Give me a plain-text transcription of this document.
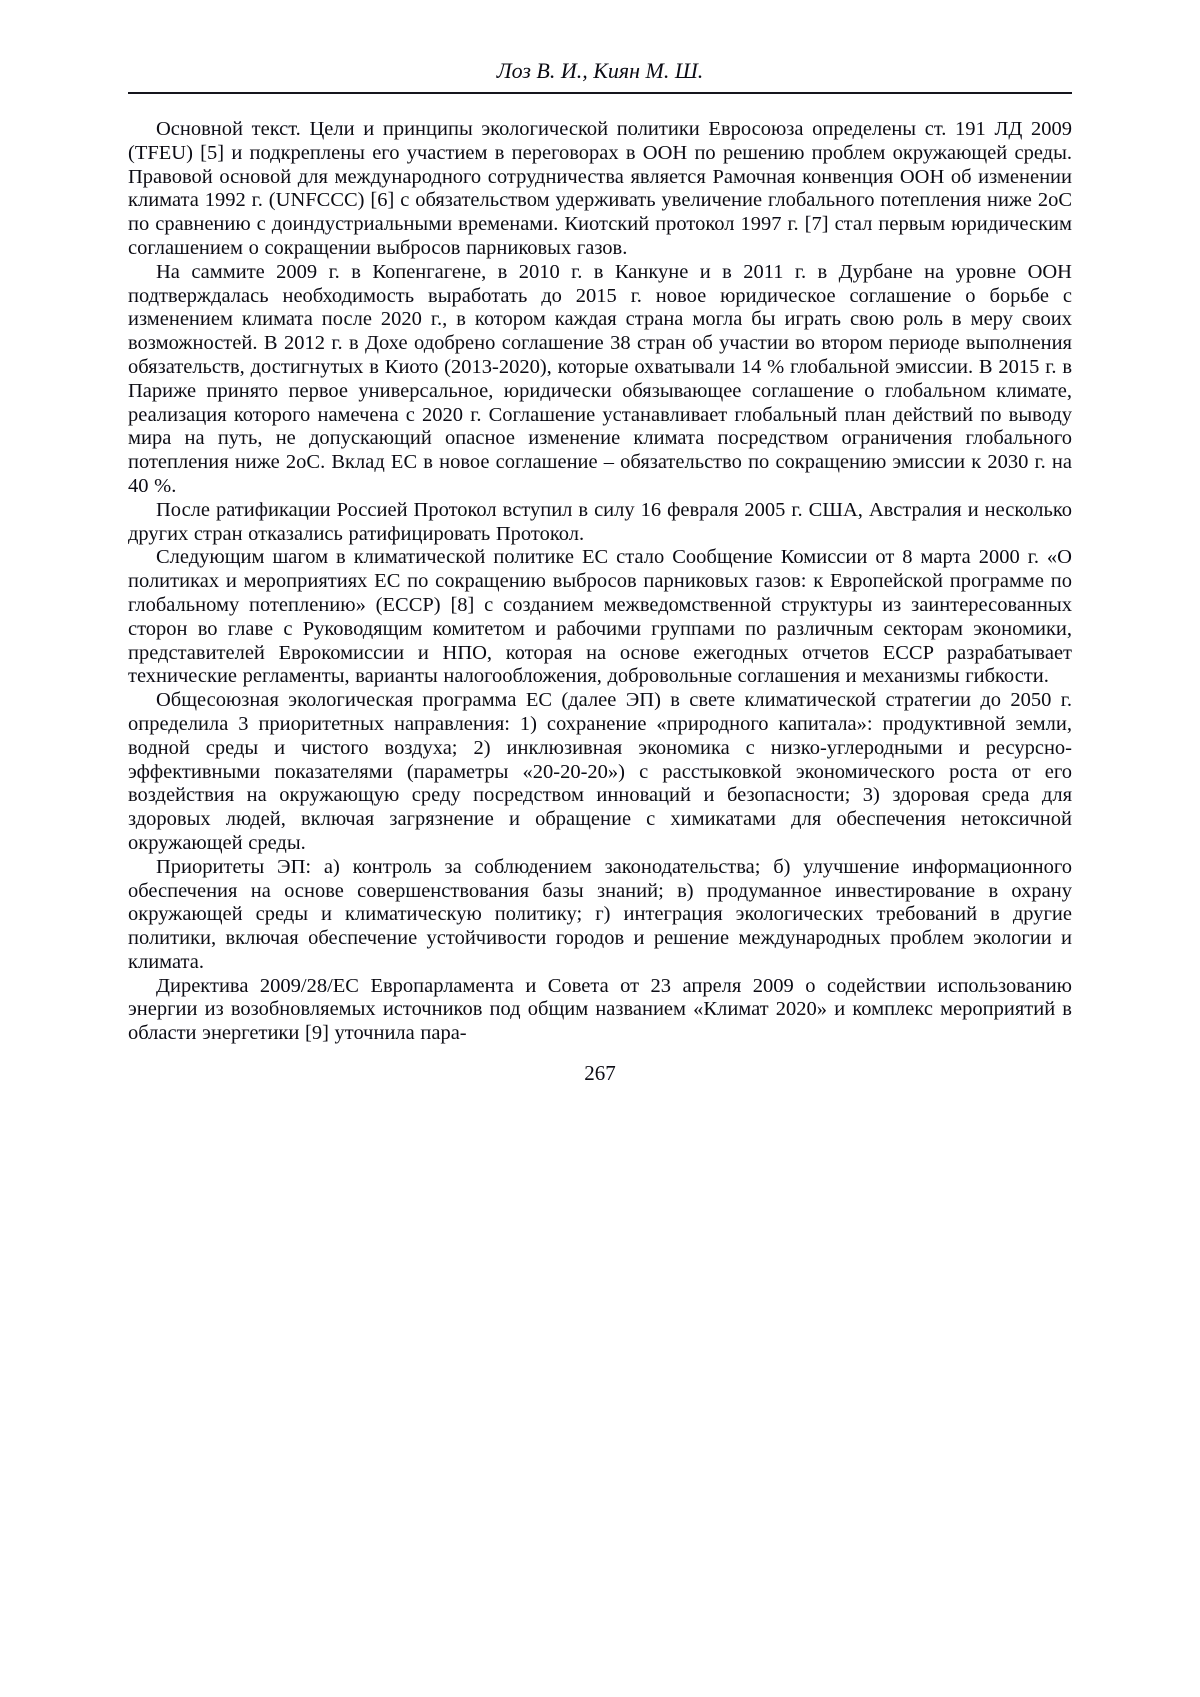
Лоз В. И., Киян М. Ш.

Основной текст. Цели и принципы экологической политики Евросоюза определены ст. 191 ЛД 2009 (TFEU) [5] и подкреплены его участием в переговорах в ООН по решению проблем окружающей среды. Правовой основой для международного сотрудничества является Рамочная конвенция ООН об изменении климата 1992 г. (UNFCCC) [6] с обязательством удерживать увеличение глобального потепления ниже 2оС по сравнению с доиндустриальными временами. Киотский протокол 1997 г. [7] стал первым юридическим соглашением о сокращении выбросов парниковых газов.

На саммите 2009 г. в Копенгагене, в 2010 г. в Канкуне и в 2011 г. в Дурбане на уровне ООН подтверждалась необходимость выработать до 2015 г. новое юридическое соглашение о борьбе с изменением климата после 2020 г., в котором каждая страна могла бы играть свою роль в меру своих возможностей. В 2012 г. в Дохе одобрено соглашение 38 стран об участии во втором периоде выполнения обязательств, достигнутых в Киото (2013-2020), которые охватывали 14 % глобальной эмиссии. В 2015 г. в Париже принято первое универсальное, юридически обязывающее соглашение о глобальном климате, реализация которого намечена с 2020 г. Соглашение устанавливает глобальный план действий по выводу мира на путь, не допускающий опасное изменение климата посредством ограничения глобального потепления ниже 2оС. Вклад ЕС в новое соглашение – обязательство по сокращению эмиссии к 2030 г. на 40 %.

После ратификации Россией Протокол вступил в силу 16 февраля 2005 г. США, Австралия и несколько других стран отказались ратифицировать Протокол.

Следующим шагом в климатической политике ЕС стало Сообщение Комиссии от 8 марта 2000 г. «О политиках и мероприятиях ЕС по сокращению выбросов парниковых газов: к Европейской программе по глобальному потеплению» (ECCP) [8] с созданием межведомственной структуры из заинтересованных сторон во главе с Руководящим комитетом и рабочими группами по различным секторам экономики, представителей Еврокомиссии и НПО, которая на основе ежегодных отчетов ECCP разрабатывает технические регламенты, варианты налогообложения, добровольные соглашения и механизмы гибкости.

Общесоюзная экологическая программа ЕС (далее ЭП) в свете климатической стратегии до 2050 г. определила 3 приоритетных направления: 1) сохранение «природного капитала»: продуктивной земли, водной среды и чистого воздуха; 2) инклюзивная экономика с низко-углеродными и ресурсно-эффективными показателями (параметры «20-20-20») с расстыковкой экономического роста от его воздействия на окружающую среду посредством инноваций и безопасности; 3) здоровая среда для здоровых людей, включая загрязнение и обращение с химикатами для обеспечения нетоксичной окружающей среды.

Приоритеты ЭП: а) контроль за соблюдением законодательства; б) улучшение информационного обеспечения на основе совершенствования базы знаний; в) продуманное инвестирование в охрану окружающей среды и климатическую политику; г) интеграция экологических требований в другие политики, включая обеспечение устойчивости городов и решение международных проблем экологии и климата.

Директива 2009/28/ЕС Европарламента и Совета от 23 апреля 2009 о содействии использованию энергии из возобновляемых источников под общим названием «Климат 2020» и комплекс мероприятий в области энергетики [9] уточнила пара-

267
